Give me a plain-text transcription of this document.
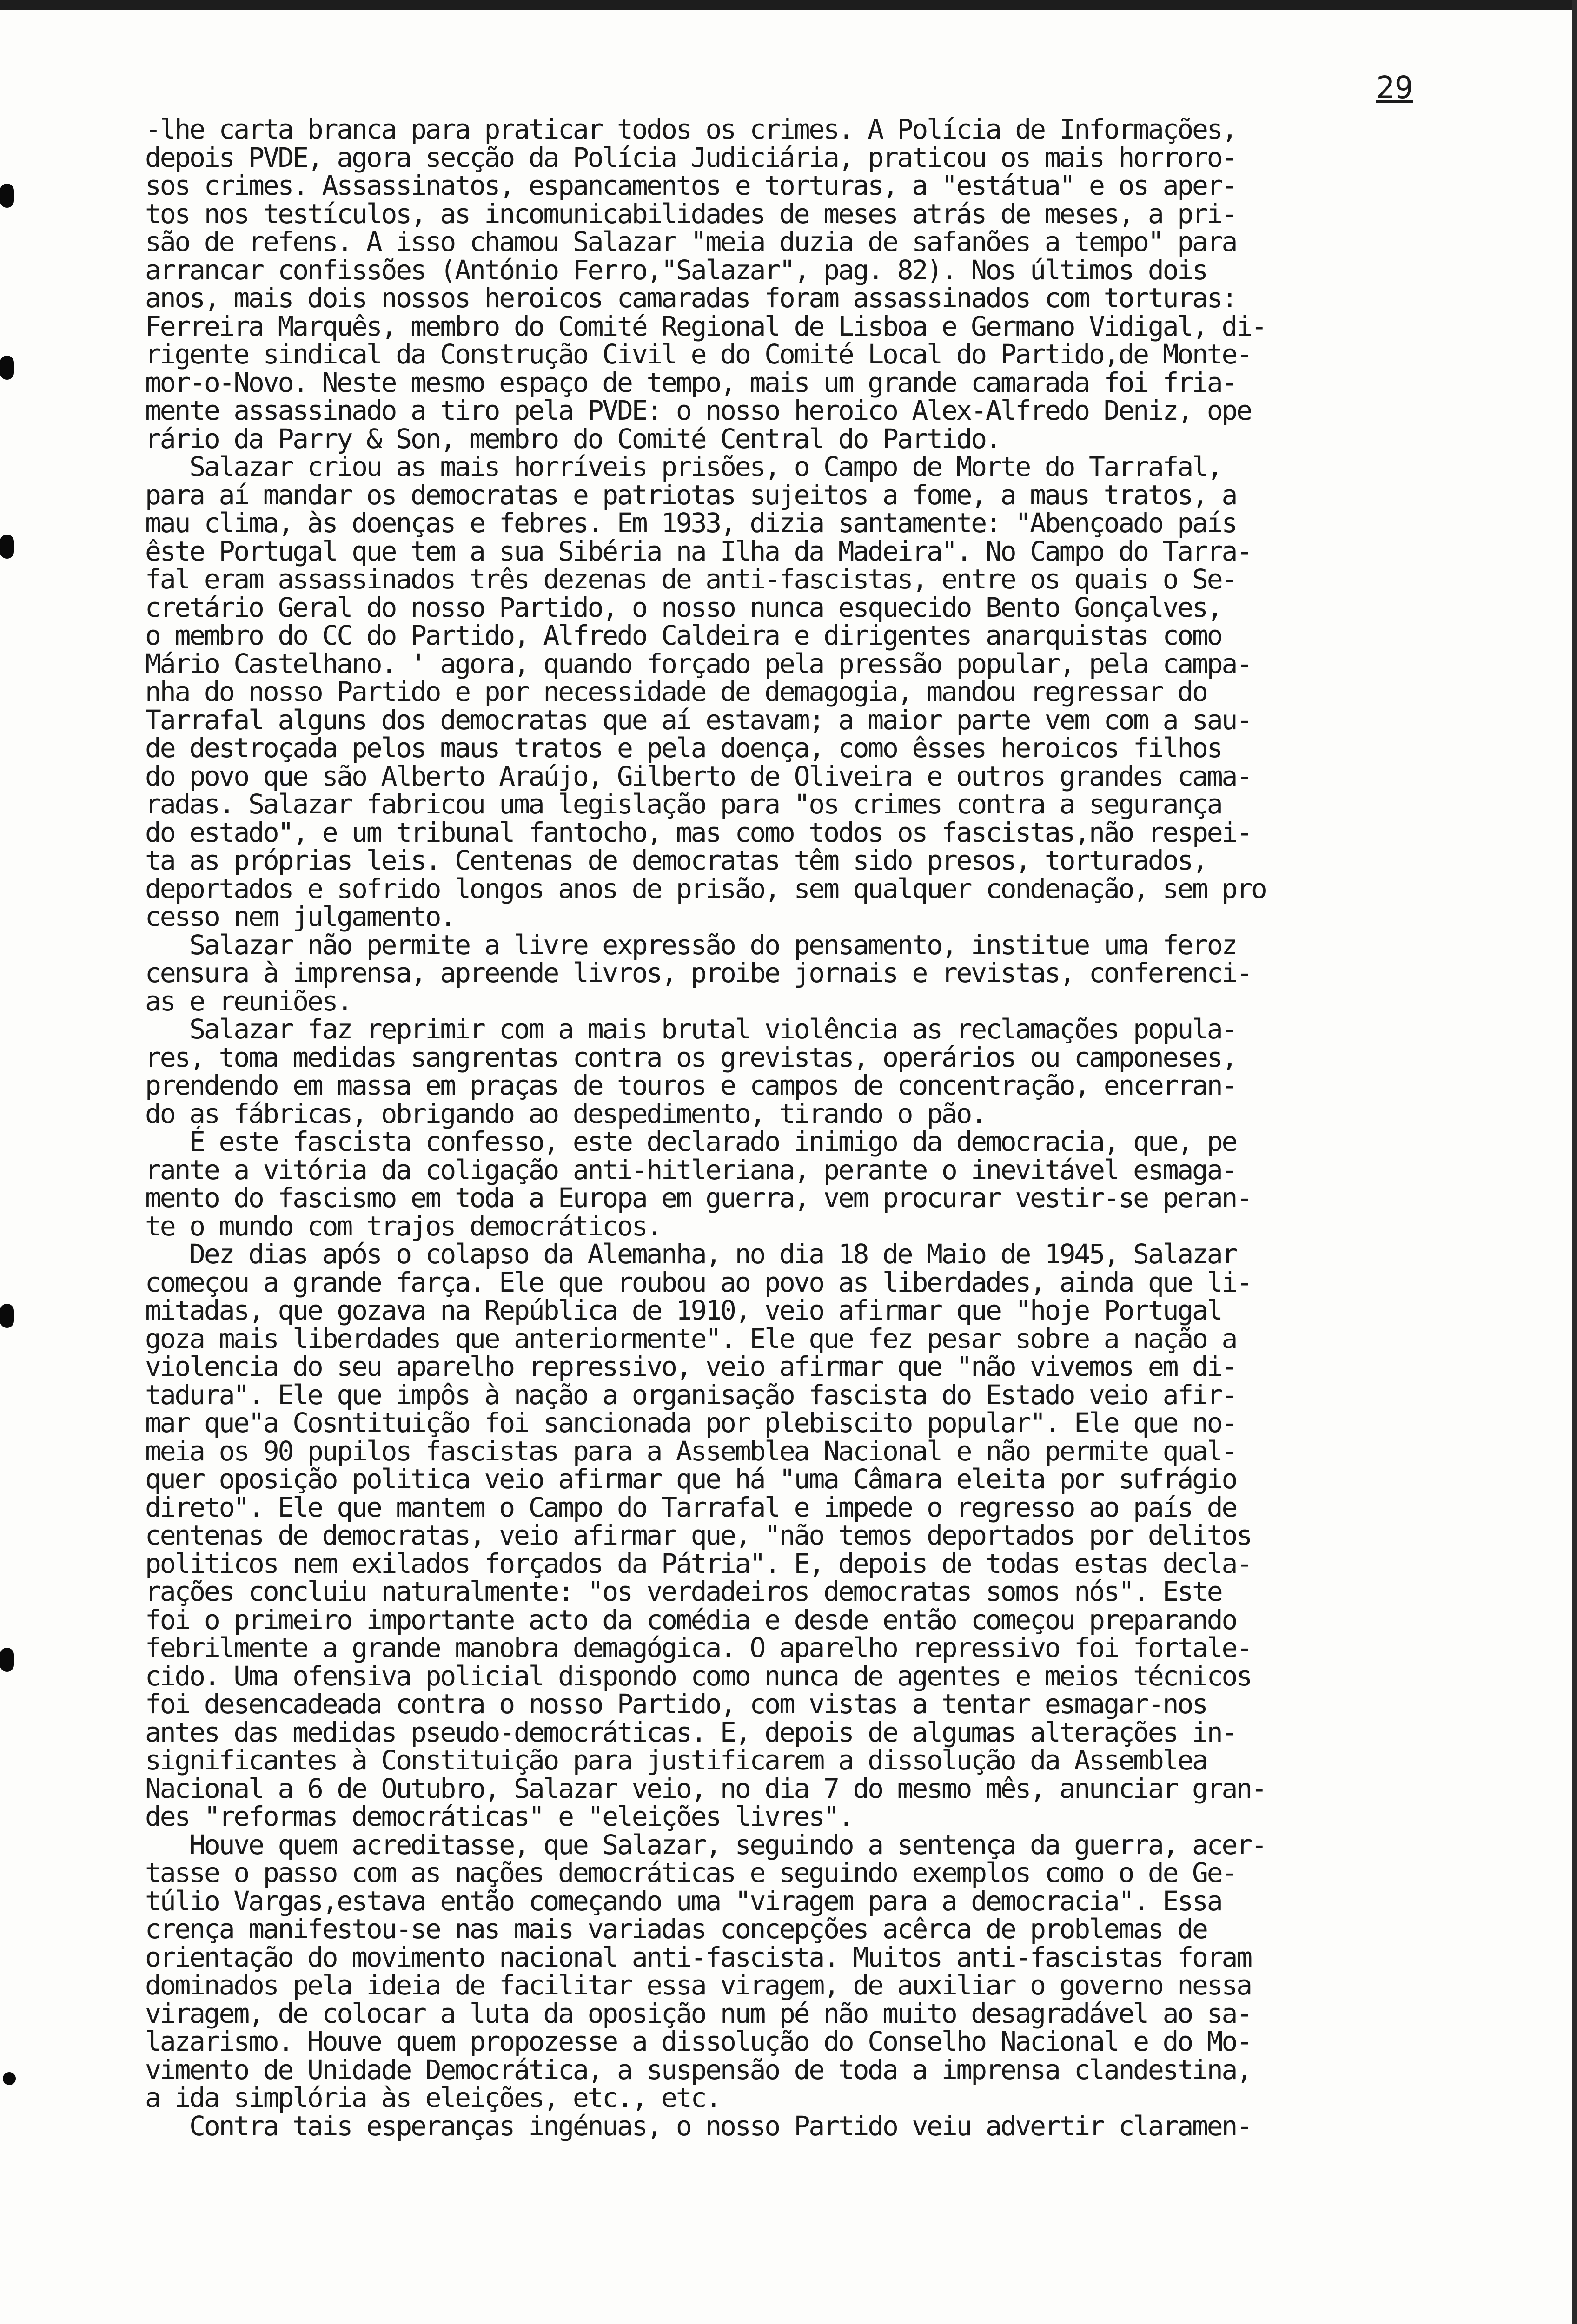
29
-lhe carta branca para praticar todos os crimes. A Polícia de Informações,
depois PVDE, agora secção da Polícia Judiciária, praticou os mais horroro-
sos crimes. Assassinatos, espancamentos e torturas, a "estátua" e os aper-
tos nos testículos, as incomunicabilidades de meses atrás de meses, a pri-
são de refens. A isso chamou Salazar "meia duzia de safanões a tempo" para
arrancar confissões (António Ferro,"Salazar", pag. 82). Nos últimos dois
anos, mais dois nossos heroicos camaradas foram assassinados com torturas:
Ferreira Marquês, membro do Comité Regional de Lisboa e Germano Vidigal, di-
rigente sindical da Construção Civil e do Comité Local do Partido,de Monte-
mor-o-Novo. Neste mesmo espaço de tempo, mais um grande camarada foi fria-
mente assassinado a tiro pela PVDE: o nosso heroico Alex-Alfredo Deniz, ope
rário da Parry & Son, membro do Comité Central do Partido.
Salazar criou as mais horríveis prisões, o Campo de Morte do Tarrafal,
para aí mandar os democratas e patriotas sujeitos a fome, a maus tratos, a
mau clima, às doenças e febres. Em 1933, dizia santamente: "Abençoado país
êste Portugal que tem a sua Sibéria na Ilha da Madeira". No Campo do Tarra-
fal eram assassinados três dezenas de anti-fascistas, entre os quais o Se-
cretário Geral do nosso Partido, o nosso nunca esquecido Bento Gonçalves,
o membro do CC do Partido, Alfredo Caldeira e dirigentes anarquistas como
Mário Castelhano. ' agora, quando forçado pela pressão popular, pela campa-
nha do nosso Partido e por necessidade de demagogia, mandou regressar do
Tarrafal alguns dos democratas que aí estavam; a maior parte vem com a sau-
de destroçada pelos maus tratos e pela doença, como êsses heroicos filhos
do povo que são Alberto Araújo, Gilberto de Oliveira e outros grandes cama-
radas. Salazar fabricou uma legislação para "os crimes contra a segurança
do estado", e um tribunal fantocho, mas como todos os fascistas,não respei-
ta as próprias leis. Centenas de democratas têm sido presos, torturados,
deportados e sofrido longos anos de prisão, sem qualquer condenação, sem pro
cesso nem julgamento.
Salazar não permite a livre expressão do pensamento, institue uma feroz
censura à imprensa, apreende livros, proibe jornais e revistas, conferenci-
as e reuniões.
Salazar faz reprimir com a mais brutal violência as reclamações popula-
res, toma medidas sangrentas contra os grevistas, operários ou camponeses,
prendendo em massa em praças de touros e campos de concentração, encerran-
do as fábricas, obrigando ao despedimento, tirando o pão.
É este fascista confesso, este declarado inimigo da democracia, que, pe
rante a vitória da coligação anti-hitleriana, perante o inevitável esmaga-
mento do fascismo em toda a Europa em guerra, vem procurar vestir-se peran-
te o mundo com trajos democráticos.
Dez dias após o colapso da Alemanha, no dia 18 de Maio de 1945, Salazar
começou a grande farça. Ele que roubou ao povo as liberdades, ainda que li-
mitadas, que gozava na República de 1910, veio afirmar que "hoje Portugal
goza mais liberdades que anteriormente". Ele que fez pesar sobre a nação a
violencia do seu aparelho repressivo, veio afirmar que "não vivemos em di-
tadura". Ele que impôs à nação a organisação fascista do Estado veio afir-
mar que"a Cosntituição foi sancionada por plebiscito popular". Ele que no-
meia os 90 pupilos fascistas para a Assemblea Nacional e não permite qual-
quer oposição politica veio afirmar que há "uma Câmara eleita por sufrágio
direto". Ele que mantem o Campo do Tarrafal e impede o regresso ao país de
centenas de democratas, veio afirmar que, "não temos deportados por delitos
politicos nem exilados forçados da Pátria". E, depois de todas estas decla-
rações concluiu naturalmente: "os verdadeiros democratas somos nós". Este
foi o primeiro importante acto da comédia e desde então começou preparando
febrilmente a grande manobra demagógica. O aparelho repressivo foi fortale-
cido. Uma ofensiva policial dispondo como nunca de agentes e meios técnicos
foi desencadeada contra o nosso Partido, com vistas a tentar esmagar-nos
antes das medidas pseudo-democráticas. E, depois de algumas alterações in-
significantes à Constituição para justificarem a dissolução da Assemblea
Nacional a 6 de Outubro, Salazar veio, no dia 7 do mesmo mês, anunciar gran-
des "reformas democráticas" e "eleições livres".
Houve quem acreditasse, que Salazar, seguindo a sentença da guerra, acer-
tasse o passo com as nações democráticas e seguindo exemplos como o de Ge-
túlio Vargas,estava então começando uma "viragem para a democracia". Essa
crença manifestou-se nas mais variadas concepções acêrca de problemas de
orientação do movimento nacional anti-fascista. Muitos anti-fascistas foram
dominados pela ideia de facilitar essa viragem, de auxiliar o governo nessa
viragem, de colocar a luta da oposição num pé não muito desagradável ao sa-
lazarismo. Houve quem propozesse a dissolução do Conselho Nacional e do Mo-
vimento de Unidade Democrática, a suspensão de toda a imprensa clandestina,
a ida simplória às eleições, etc., etc.
Contra tais esperanças ingénuas, o nosso Partido veiu advertir claramen-
